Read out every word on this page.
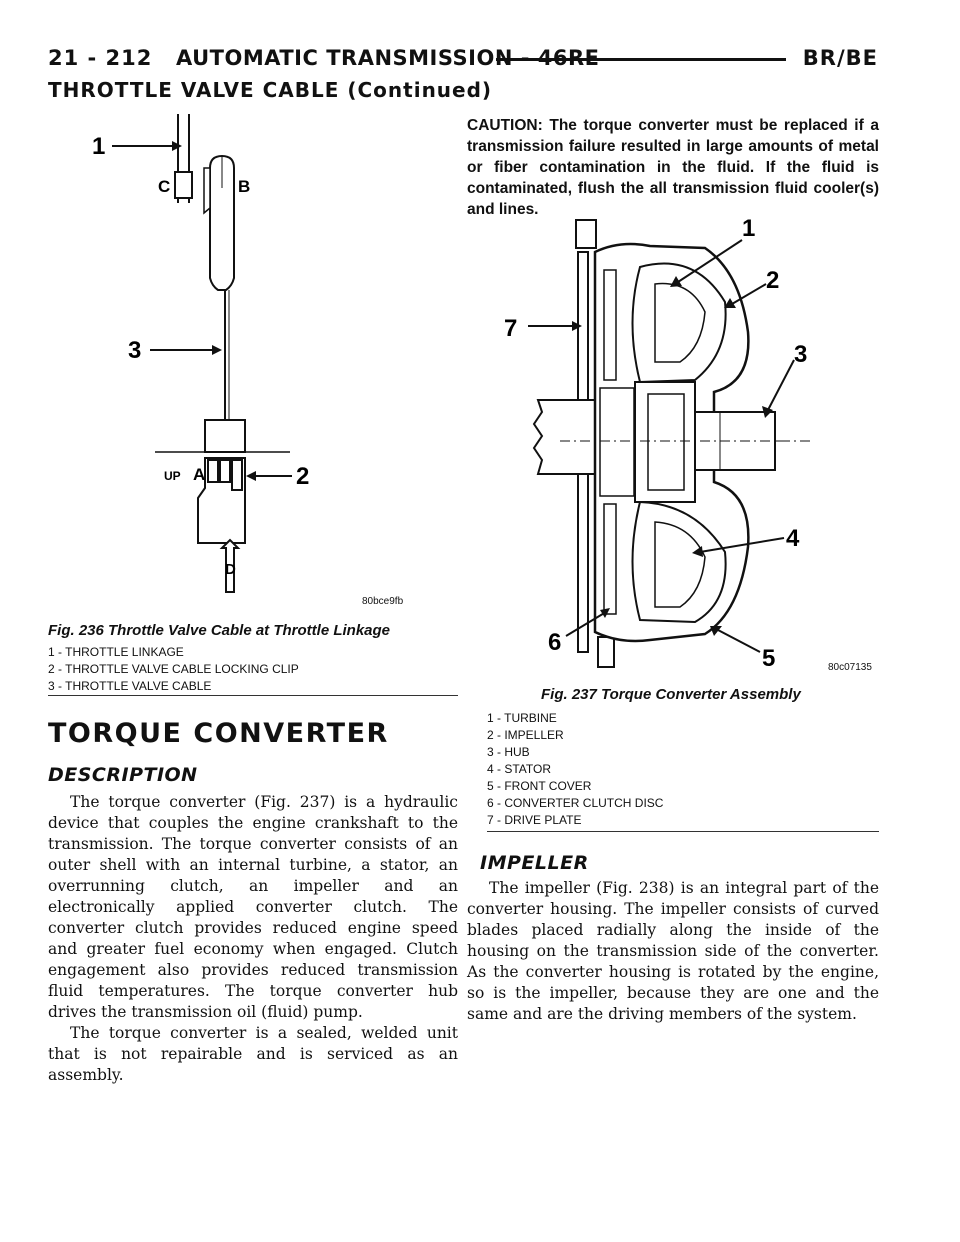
21 - 212 AUTOMATIC TRANSMISSION - 46RE	BR/BE
THROTTLE VALVE CABLE (Continued)
C	B
A
UP
D
1
2
3
80bce9fb
Fig. 236 Throttle Valve Cable at Throttle Linkage
1 - THROTTLE LINKAGE
2 - THROTTLE VALVE CABLE LOCKING CLIP
3 - THROTTLE VALVE CABLE
TORQUE CONVERTER
DESCRIPTION

The torque converter (Fig. 237) is a hydraulic device that couples the engine crankshaft to the transmission. The torque converter consists of an outer shell with an internal turbine, a stator, an overrunning clutch, an impeller and an electronically applied converter clutch. The converter clutch provides reduced engine speed and greater fuel economy when engaged. Clutch engagement also provides reduced transmission fluid temperatures. The torque converter hub drives the transmission oil (fluid) pump.

The torque converter is a sealed, welded unit that is not repairable and is serviced as an assembly.

CAUTION: The torque converter must be replaced if a transmission failure resulted in large amounts of metal or fiber contamination in the fluid. If the fluid is contaminated, flush the all transmission fluid cooler(s) and lines.
1
2
3
4
5
6
7
80c07135
Fig. 237 Torque Converter Assembly
1 - TURBINE
2 - IMPELLER
3 - HUB
4 - STATOR
5 - FRONT COVER
6 - CONVERTER CLUTCH DISC
7 - DRIVE PLATE
IMPELLER

The impeller (Fig. 238) is an integral part of the converter housing. The impeller consists of curved blades placed radially along the inside of the housing on the transmission side of the converter. As the converter housing is rotated by the engine, so is the impeller, because they are one and the same and are the driving members of the system.
